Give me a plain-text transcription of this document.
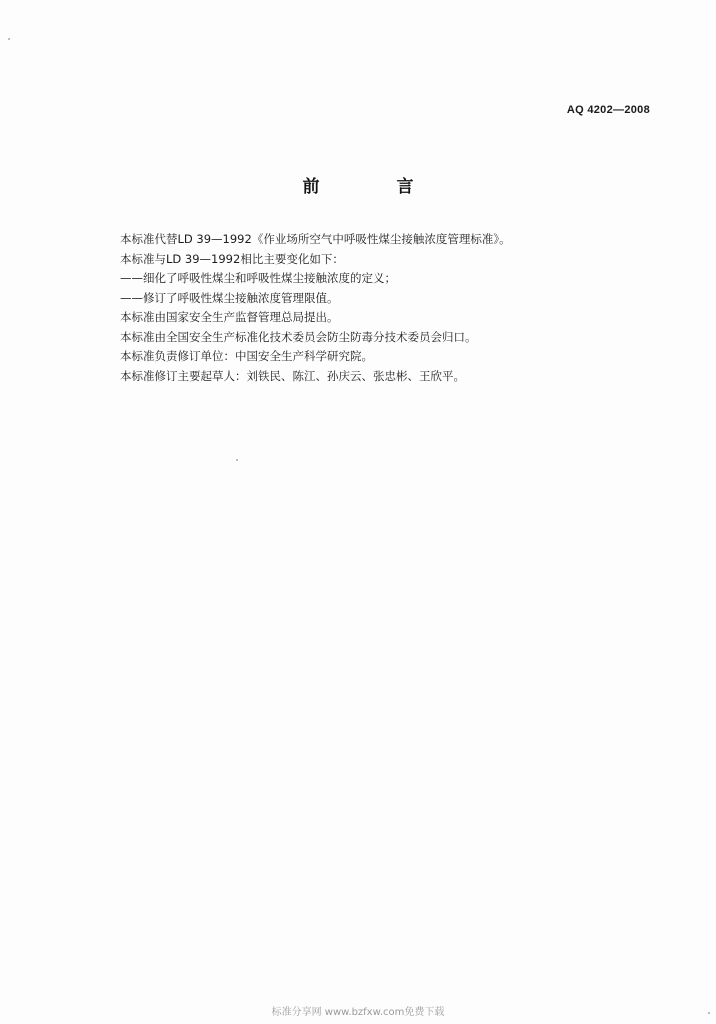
AQ 4202—2008
前　言
本标准代替LD 39—1992《作业场所空气中呼吸性煤尘接触浓度管理标准》。
本标准与LD 39—1992相比主要变化如下：
——细化了呼吸性煤尘和呼吸性煤尘接触浓度的定义；
——修订了呼吸性煤尘接触浓度管理限值。
本标准由国家安全生产监督管理总局提出。
本标准由全国安全生产标准化技术委员会防尘防毒分技术委员会归口。
本标准负责修订单位：中国安全生产科学研究院。
本标准修订主要起草人：刘铁民、陈江、孙庆云、张忠彬、王欣平。
标准分享网 www.bzfxw.com免费下载
